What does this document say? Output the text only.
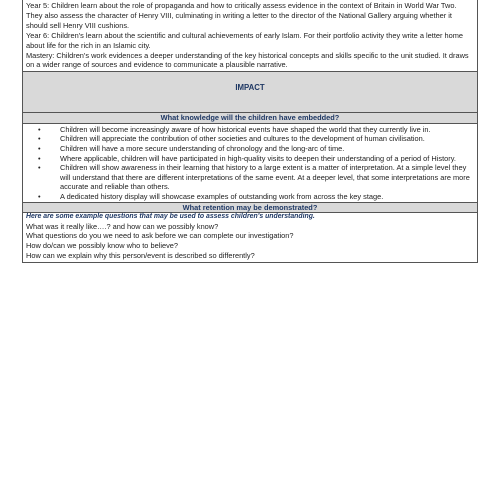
Year 5: Children learn about the role of propaganda and how to critically assess evidence in the context of Britain in World War Two. They also assess the character of Henry VIII, culminating in writing a letter to the director of the National Gallery arguing whether it should sell Henry VIII cushions.

Year 6: Children's learn about the scientific and cultural achievements of early Islam. For their portfolio activity they write a letter home about life for the rich in an Islamic city.

Mastery: Children's work evidences a deeper understanding of the key historical concepts and skills specific to the unit studied. It draws on a wider range of sources and evidence to communicate a plausible narrative.

IMPACT
What knowledge will the children have embedded?
•	Children will become increasingly aware of how historical events have shaped the world that they currently live in.
•	Children will appreciate the contribution of other societies and cultures to the development of human civilisation.
•	Children will have a more secure understanding of chronology and the long-arc of time.
•	Where applicable, children will have participated in high-quality visits to deepen their understanding of a period of History.
•	Children will show awareness in their learning that history to a large extent is a matter of interpretation. At a simple level they will understand that there are different interpretations of the same event. At a deeper level, that some interpretations are more accurate and reliable than others.
•	A dedicated history display will showcase examples of outstanding work from across the key stage.
What retention may be demonstrated?
Here are some example questions that may be used to assess children's understanding.

What was it really like….? and how can we possibly know?

What questions do you we need to ask before we can complete our investigation?

How do/can we possibly know who to believe?

How can we explain why this person/event is described so differently?
